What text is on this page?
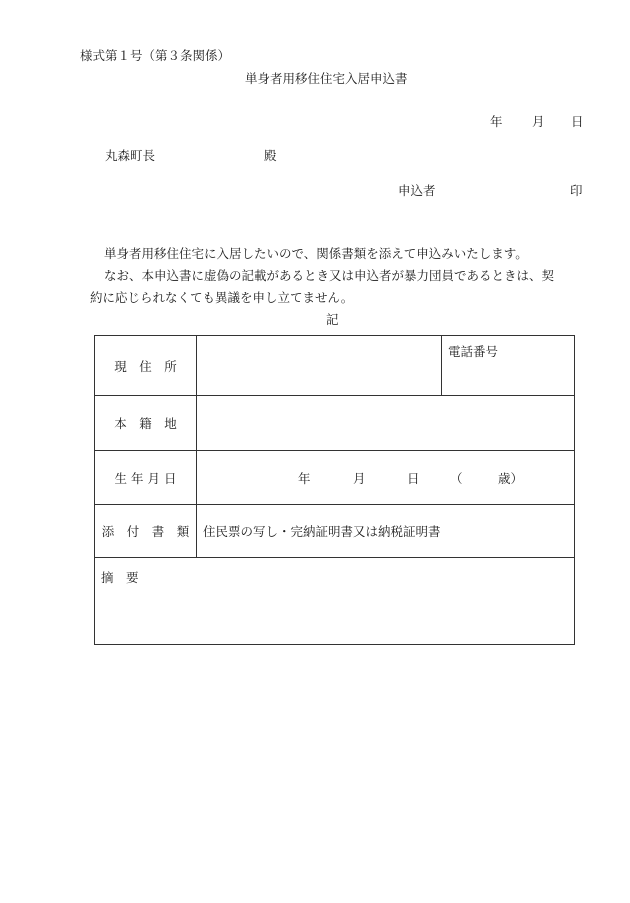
様式第１号（第３条関係）
単身者用移住住宅入居申込書
年 月 日
丸森町長	殿
申込者	印
単身者用移住住宅に入居したいので、関係書類を添えて申込みいたします。
なお、本申込書に虚偽の記載があるとき又は申込者が暴力団員であるときは、契
約に応じられなくても異議を申し立てません。
記
現　住　所		電話番号
本　籍　地		
生 年 月 日	年 月 日 （ 歳）	

添　付　書　類	住民票の写し・完納証明書又は納税証明書	

摘　要		
